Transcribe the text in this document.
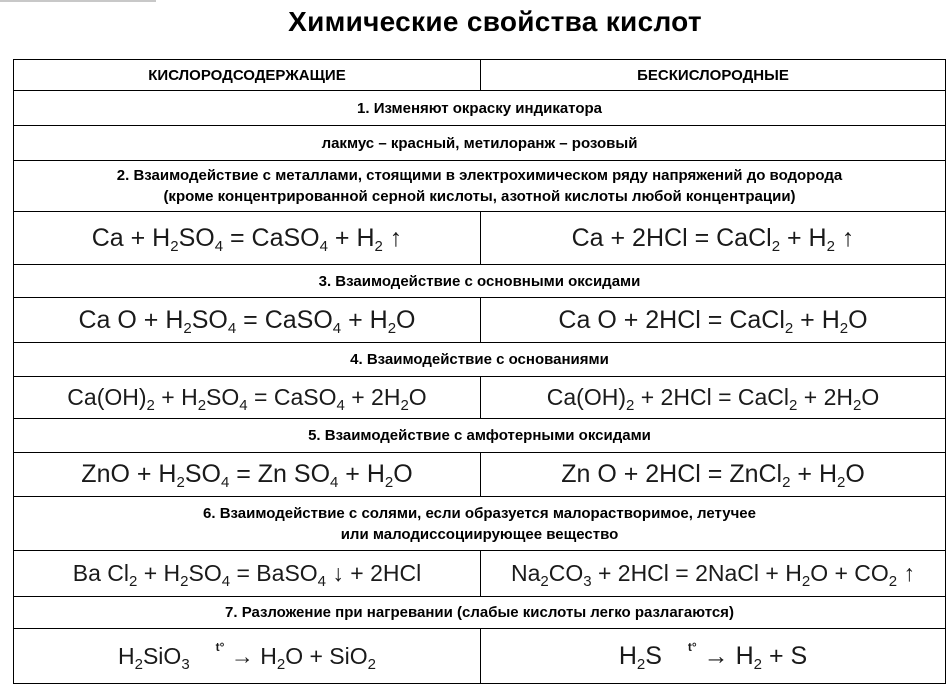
Химические свойства кислот
КИСЛОРОДСОДЕРЖАЩИЕ	БЕСКИСЛОРОДНЫЕ
1. Изменяют окраску индикатора	
лакмус – красный, метилоранж – розовый	

2. Взаимодействие с металлами, стоящими в электрохимическом ряду напряжений до водорода
(кроме концентрированной серной кислоты, азотной кислоты любой концентрации)	

$Ca + H_2SO_4$ = CaSO$_4$ + $H_2$ ↑	Ca + 2HCl = CaCl$_2$ + $H_2$ ↑
3. Взаимодействие с основными оксидами	
Ca $O + H_2SO_4$ = CaSO$_4$ + $H_2O$	Ca O + 2HCl = CaCl$_2$ + $H_2O$
4. Взаимодействие с основаниями	
$Ca(OH)_2 + H_2SO_4$ = CaSO$_4$ + $2H_2O$	$Ca(OH)_2 + 2HCl$ = CaCl$_2$ + $2H_2O$
5. Взаимодействие с амфотерными оксидами	
ZnO + $H_2SO_4 = Zn$ $SO_4 + H_2O$	Zn O + 2HCl = ZnCl$_2$ + $H_2O$

6. Взаимодействие с солями, если образуется малорастворимое, летучее
или малодиссоциирующее вещество	

Ba $Cl_2 + H_2SO_4$ = BaSO$_4$ ↓ + 2HCl	$Na_2CO_3 + 2HCl$ = 2NaCl + $H_2O + CO_2$ ↑
7. Разложение при нагревании (слабые кислоты легко разлагаются)	
$H_2SiO_3^{t^\circ} \to H_2O + SiO_2$	$H_2S$ $^{t^\circ} \to H_2 + S$
